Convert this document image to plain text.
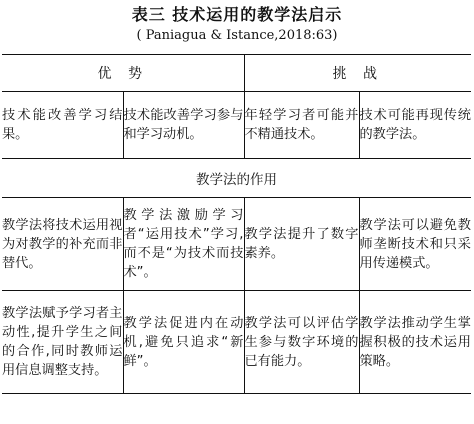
表三 技术运用的教学法启示
( Paniagua & Istance,2018:63)

优 势		挑 战	
技术能改善学习结果。	技术能改善学习参与和学习动机。	年轻学习者可能并不精通技术。	技术可能再现传统的教学法。
教学法的作用			
教学法将技术运用视为对教学的补充而非替代。	教学法激励学习者“运用技术”学习,而不是“为技术而技术”。	教学法提升了数字素养。	教学法可以避免教师垄断技术和只采用传递模式。
教学法赋予学习者主动性,提升学生之间的合作,同时教师运用信息调整支持。	教学法促进内在动机,避免只追求“新鲜”。	教学法可以评估学生参与数字环境的已有能力。	教学法推动学生掌握积极的技术运用策略。
